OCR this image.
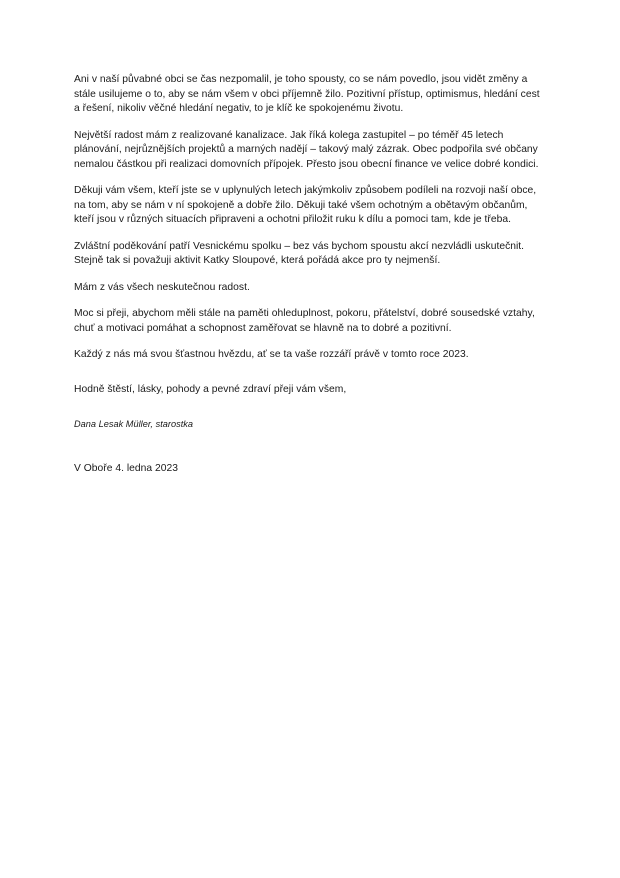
Ani v naší půvabné obci se čas nezpomalil, je toho spousty, co se nám povedlo, jsou vidět změny a
stále usilujeme o to, aby se nám všem v obci příjemně žilo. Pozitivní přístup, optimismus, hledání cest
a řešení, nikoliv věčné hledání negativ, to je klíč ke spokojenému životu.
Největší radost mám z realizované kanalizace. Jak říká kolega zastupitel – po téměř 45 letech
plánování, nejrůznějších projektů a marných nadějí – takový malý zázrak. Obec podpořila své občany
nemalou částkou při realizaci domovních přípojek. Přesto jsou obecní finance ve velice dobré kondici.
Děkuji vám všem, kteří jste se v uplynulých letech jakýmkoliv způsobem podíleli na rozvoji naší obce,
na tom, aby se nám v ní spokojeně a dobře žilo. Děkuji také všem ochotným a obětavým občanům,
kteří jsou v různých situacích připraveni a ochotni přiložit ruku k dílu a pomoci tam, kde je třeba.
Zvláštní poděkování patří Vesnickému spolku – bez vás bychom spoustu akcí nezvládli uskutečnit.
Stejně tak si považuji aktivit Katky Sloupové, která pořádá akce pro ty nejmenší.
Mám z vás všech neskutečnou radost.
Moc si přeji, abychom měli stále na paměti ohleduplnost, pokoru, přátelství, dobré sousedské vztahy,
chuť a motivaci pomáhat a schopnost zaměřovat se hlavně na to dobré a pozitivní.
Každý z nás má svou šťastnou hvězdu, ať se ta vaše rozzáří právě v tomto roce 2023.
Hodně štěstí, lásky, pohody a pevné zdraví přeji vám všem,
Dana Lesak Müller, starostka
V Oboře 4. ledna 2023
